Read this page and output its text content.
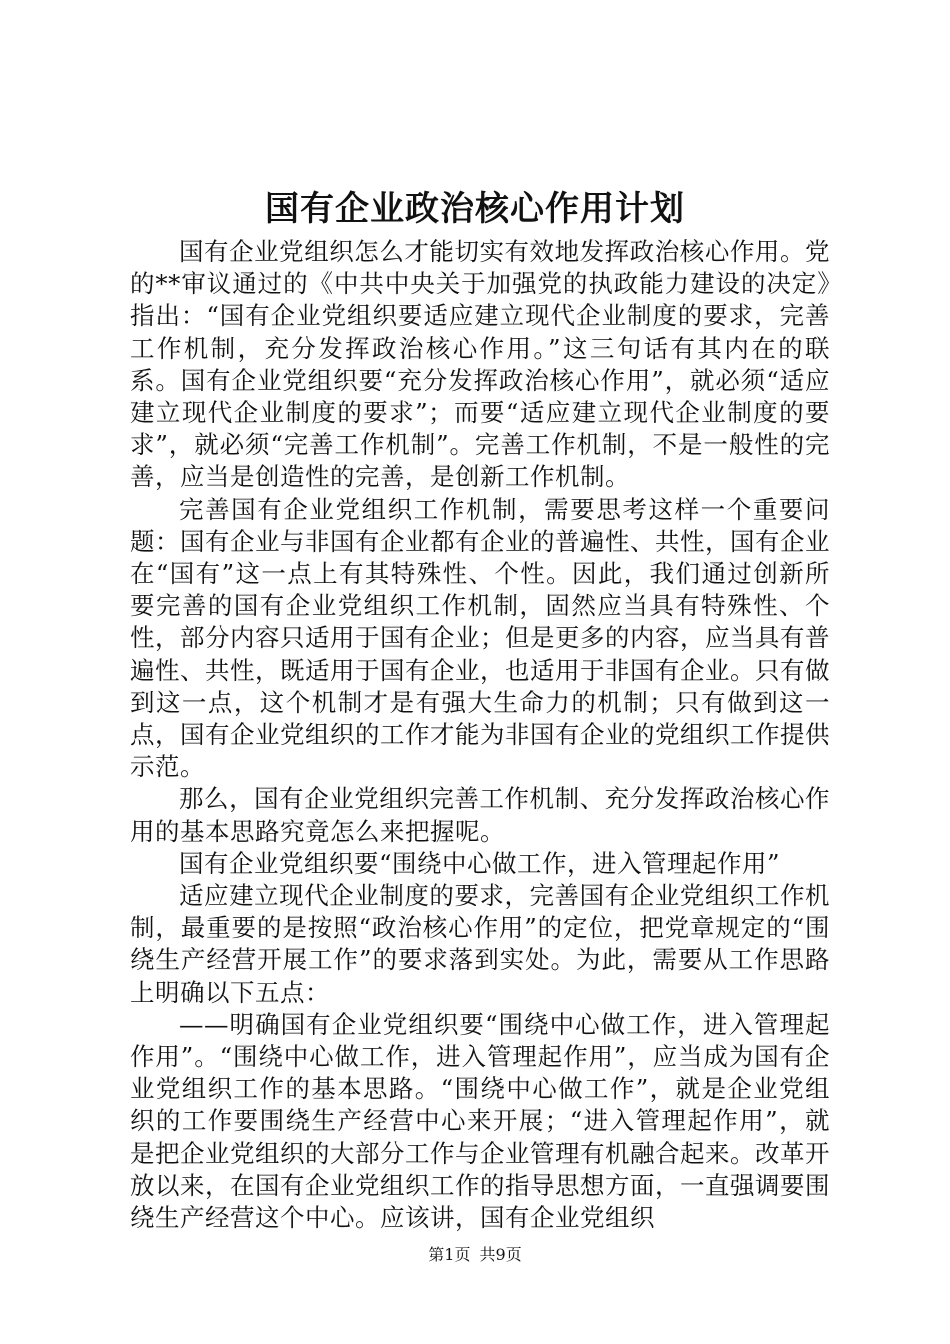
国有企业政治核心作用计划

国有企业党组织怎么才能切实有效地发挥政治核心作用。党的**审议通过的《中共中央关于加强党的执政能力建设的决定》指出：“国有企业党组织要适应建立现代企业制度的要求，完善工作机制，充分发挥政治核心作用。”这三句话有其内在的联系。国有企业党组织要“充分发挥政治核心作用”，就必须“适应建立现代企业制度的要求”；而要“适应建立现代企业制度的要求”，就必须“完善工作机制”。完善工作机制，不是一般性的完善，应当是创造性的完善，是创新工作机制。

完善国有企业党组织工作机制，需要思考这样一个重要问题：国有企业与非国有企业都有企业的普遍性、共性，国有企业在“国有”这一点上有其特殊性、个性。因此，我们通过创新所要完善的国有企业党组织工作机制，固然应当具有特殊性、个性，部分内容只适用于国有企业；但是更多的内容，应当具有普遍性、共性，既适用于国有企业，也适用于非国有企业。只有做到这一点，这个机制才是有强大生命力的机制；只有做到这一点，国有企业党组织的工作才能为非国有企业的党组织工作提供示范。

那么，国有企业党组织完善工作机制、充分发挥政治核心作用的基本思路究竟怎么来把握呢。

国有企业党组织要“围绕中心做工作，进入管理起作用”

适应建立现代企业制度的要求，完善国有企业党组织工作机制，最重要的是按照“政治核心作用”的定位，把党章规定的“围绕生产经营开展工作”的要求落到实处。为此，需要从工作思路上明确以下五点：

——明确国有企业党组织要“围绕中心做工作，进入管理起作用”。“围绕中心做工作，进入管理起作用”，应当成为国有企业党组织工作的基本思路。“围绕中心做工作”，就是企业党组织的工作要围绕生产经营中心来开展；“进入管理起作用”，就是把企业党组织的大部分工作与企业管理有机融合起来。改革开放以来，在国有企业党组织工作的指导思想方面，一直强调要围绕生产经营这个中心。应该讲，国有企业党组织

第1页 共9页
